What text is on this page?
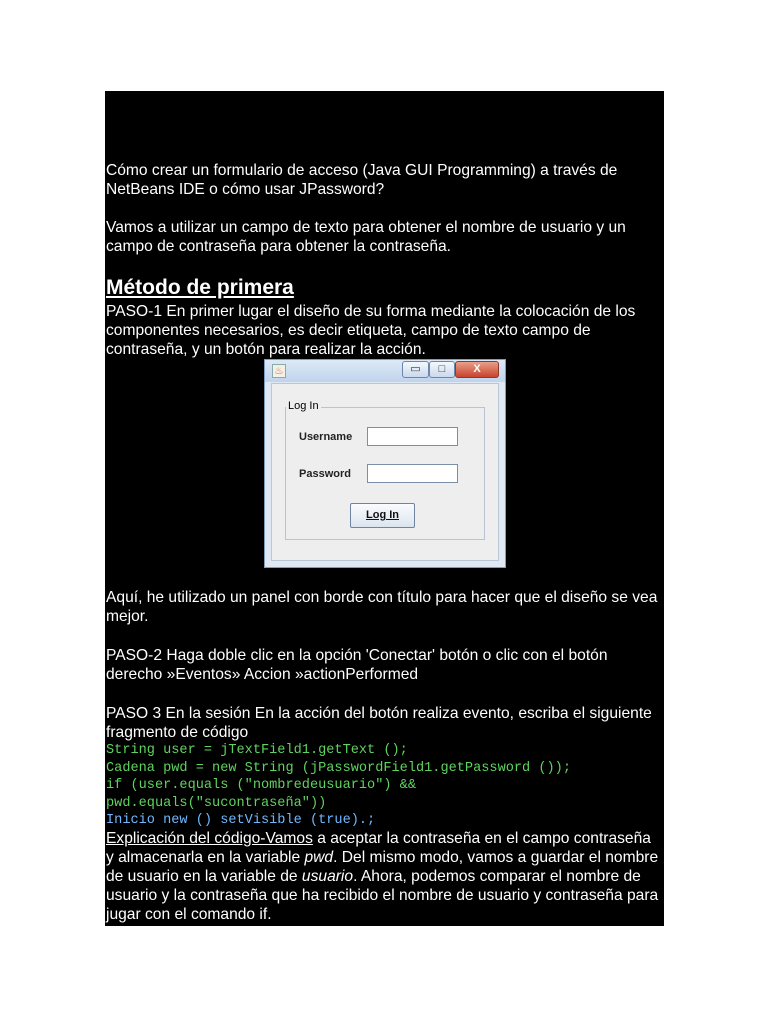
Cómo crear un formulario de acceso (Java GUI Programming) a través de NetBeans IDE o cómo usar JPassword?

Vamos a utilizar un campo de texto para obtener el nombre de usuario y un campo de contraseña para obtener la contraseña.

Método de primera

PASO-1 En primer lugar el diseño de su forma mediante la colocación de los componentes necesarios, es decir etiqueta, campo de texto campo de contraseña, y un botón para realizar la acción.

♨	▭	□	X
Log In
Username
Password
Log In

Aquí, he utilizado un panel con borde con título para hacer que el diseño se vea mejor.

PASO-2 Haga doble clic en la opción 'Conectar' botón o clic con el botón derecho »Eventos» Accion »actionPerformed

PASO 3 En la sesión En la acción del botón realiza evento, escriba el siguiente fragmento de código

String user = jTextField1.getText ();
Cadena pwd = new String (jPasswordField1.getPassword ());
if (user.equals ("nombredeusuario") &&
pwd.equals("sucontraseña"))
Inicio new () setVisible (true).;

Explicación del código-Vamos a aceptar la contraseña en el campo contraseña y almacenarla en la variable pwd. Del mismo modo, vamos a guardar el nombre de usuario en la variable de usuario. Ahora, podemos comparar el nombre de usuario y la contraseña que ha recibido el nombre de usuario y contraseña para jugar con el comando if.
